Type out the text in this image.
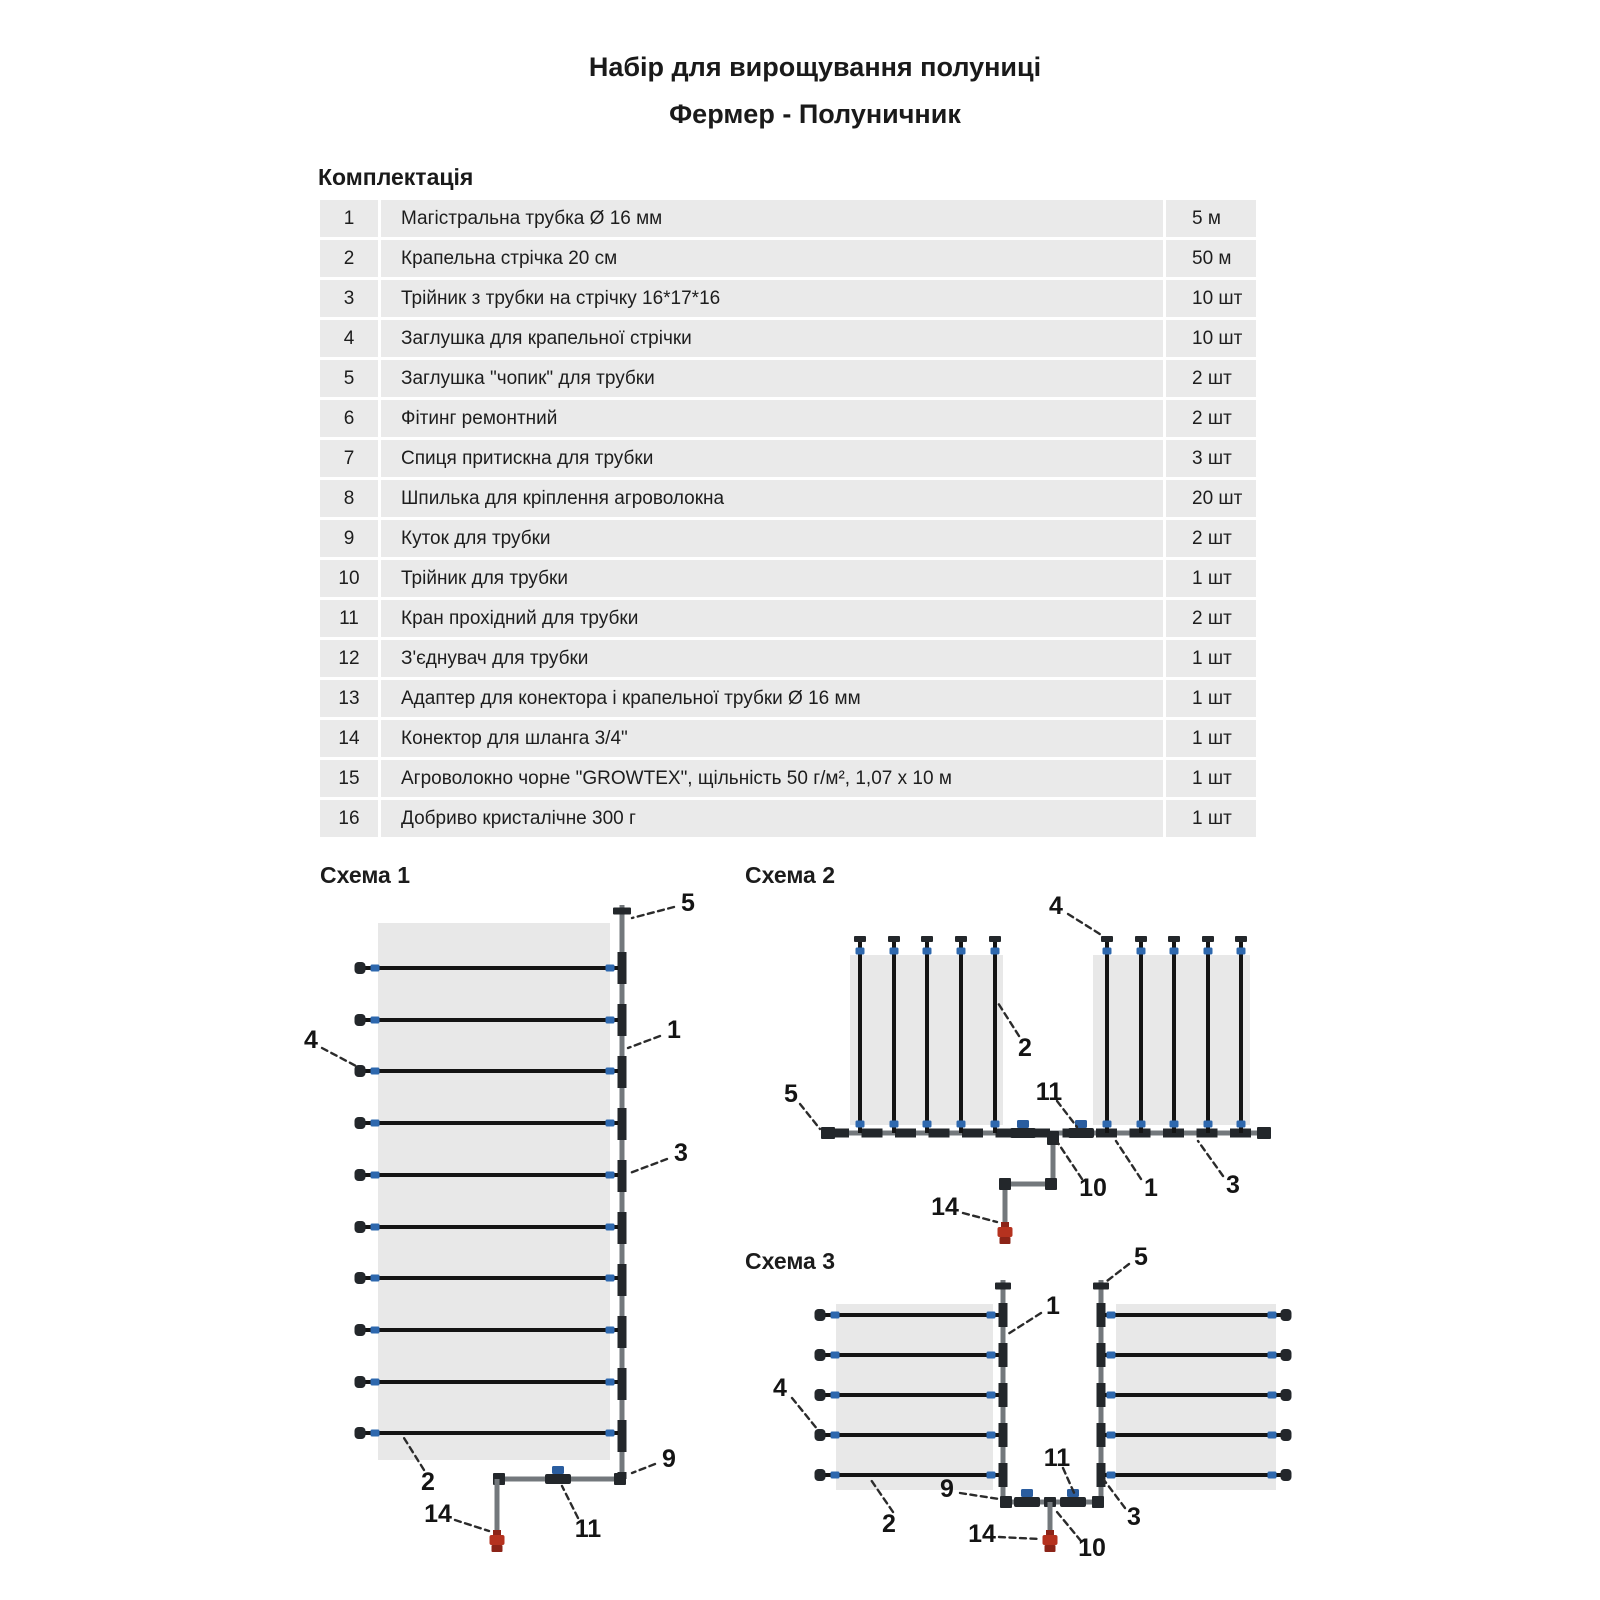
Набір для вирощування полуниці
Фермер - Полуничник
Комплектація
1	Магістральна трубка Ø 16 мм	5 м
2	Крапельна стрічка 20 см	50 м
3	Трійник з трубки на стрічку 16*17*16	10 шт
4	Заглушка для крапельної стрічки	10 шт
5	Заглушка "чопик" для трубки	2 шт
6	Фітинг ремонтний	2 шт
7	Спиця притискна для трубки	3 шт
8	Шпилька для кріплення агроволокна	20 шт
9	Куток для трубки	2 шт
10	Трійник для трубки	1 шт
11	Кран прохідний для трубки	2 шт
12	З'єднувач для трубки	1 шт
13	Адаптер для конектора і крапельної трубки Ø 16 мм	1 шт
14	Конектор для шланга 3/4"	1 шт
15	Агроволокно чорне "GROWTEX", щільність 50 г/м², 1,07 х 10 м	1 шт
16	Добриво кристалічне 300 г	1 шт
Схема 1	Схема 2
Схема 3
5
1
4
3
2
9
11
14
4
2
5	11
10 1	3
14
5
1
4
2
11
9
3
10
14
